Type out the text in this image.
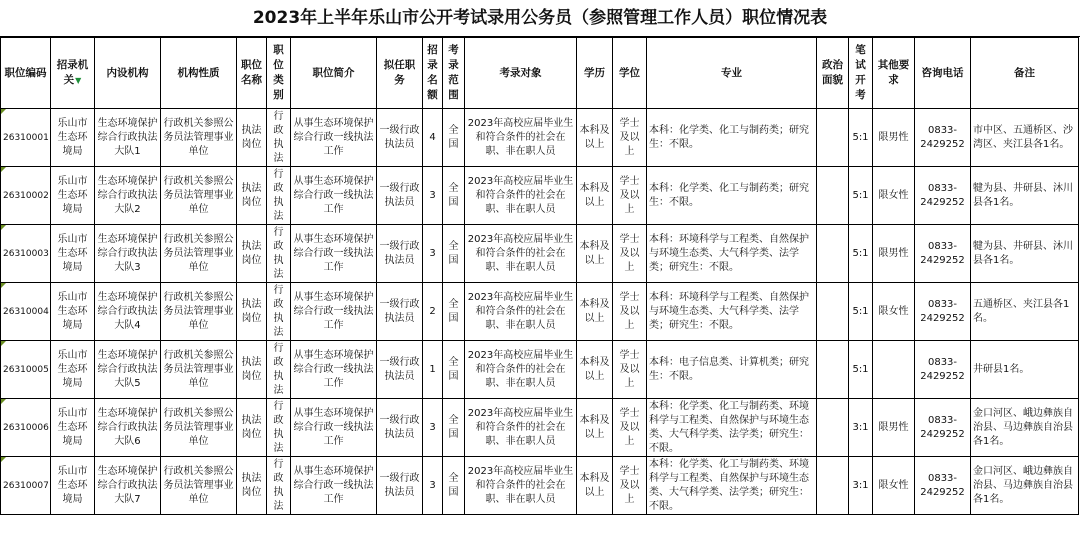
2023年上半年乐山市公开考试录用公务员（参照管理工作人员）职位情况表
职位编码	招录机关▼	内设机构	机构性质	职位名称	职位类别	职位简介	拟任职务	招录名额	考录范围	考录对象	学历	学位	专业	政治面貌	笔试开考	其他要求	咨询电话	备注
26310001	乐山市生态环境局	生态环境保护综合行政执法大队1	行政机关参照公务员法管理事业单位	执法岗位	行政执法	从事生态环境保护综合行政一线执法工作	一级行政执法员	4	全国	2023年高校应届毕业生和符合条件的社会在职、非在职人员	本科及以上	学士及以上	本科：化学类、化工与制药类；研究生：不限。		5:1	限男性	0833-2429252	市中区、五通桥区、沙湾区、夹江县各1名。
26310002	乐山市生态环境局	生态环境保护综合行政执法大队2	行政机关参照公务员法管理事业单位	执法岗位	行政执法	从事生态环境保护综合行政一线执法工作	一级行政执法员	3	全国	2023年高校应届毕业生和符合条件的社会在职、非在职人员	本科及以上	学士及以上	本科：化学类、化工与制药类；研究生：不限。		5:1	限女性	0833-2429252	犍为县、井研县、沐川县各1名。
26310003	乐山市生态环境局	生态环境保护综合行政执法大队3	行政机关参照公务员法管理事业单位	执法岗位	行政执法	从事生态环境保护综合行政一线执法工作	一级行政执法员	3	全国	2023年高校应届毕业生和符合条件的社会在职、非在职人员	本科及以上	学士及以上	本科：环境科学与工程类、自然保护与环境生态类、大气科学类、法学类；研究生：不限。		5:1	限男性	0833-2429252	犍为县、井研县、沐川县各1名。
26310004	乐山市生态环境局	生态环境保护综合行政执法大队4	行政机关参照公务员法管理事业单位	执法岗位	行政执法	从事生态环境保护综合行政一线执法工作	一级行政执法员	2	全国	2023年高校应届毕业生和符合条件的社会在职、非在职人员	本科及以上	学士及以上	本科：环境科学与工程类、自然保护与环境生态类、大气科学类、法学类；研究生：不限。		5:1	限女性	0833-2429252	五通桥区、夹江县各1名。
26310005	乐山市生态环境局	生态环境保护综合行政执法大队5	行政机关参照公务员法管理事业单位	执法岗位	行政执法	从事生态环境保护综合行政一线执法工作	一级行政执法员	1	全国	2023年高校应届毕业生和符合条件的社会在职、非在职人员	本科及以上	学士及以上	本科：电子信息类、计算机类；研究生：不限。		5:1		0833-2429252	井研县1名。
26310006	乐山市生态环境局	生态环境保护综合行政执法大队6	行政机关参照公务员法管理事业单位	执法岗位	行政执法	从事生态环境保护综合行政一线执法工作	一级行政执法员	3	全国	2023年高校应届毕业生和符合条件的社会在职、非在职人员	本科及以上	学士及以上	本科：化学类、化工与制药类、环境科学与工程类、自然保护与环境生态类、大气科学类、法学类；研究生：不限。		3:1	限男性	0833-2429252	金口河区、峨边彝族自治县、马边彝族自治县各1名。
26310007	乐山市生态环境局	生态环境保护综合行政执法大队7	行政机关参照公务员法管理事业单位	执法岗位	行政执法	从事生态环境保护综合行政一线执法工作	一级行政执法员	3	全国	2023年高校应届毕业生和符合条件的社会在职、非在职人员	本科及以上	学士及以上	本科：化学类、化工与制药类、环境科学与工程类、自然保护与环境生态类、大气科学类、法学类；研究生：不限。		3:1	限女性	0833-2429252	金口河区、峨边彝族自治县、马边彝族自治县各1名。
